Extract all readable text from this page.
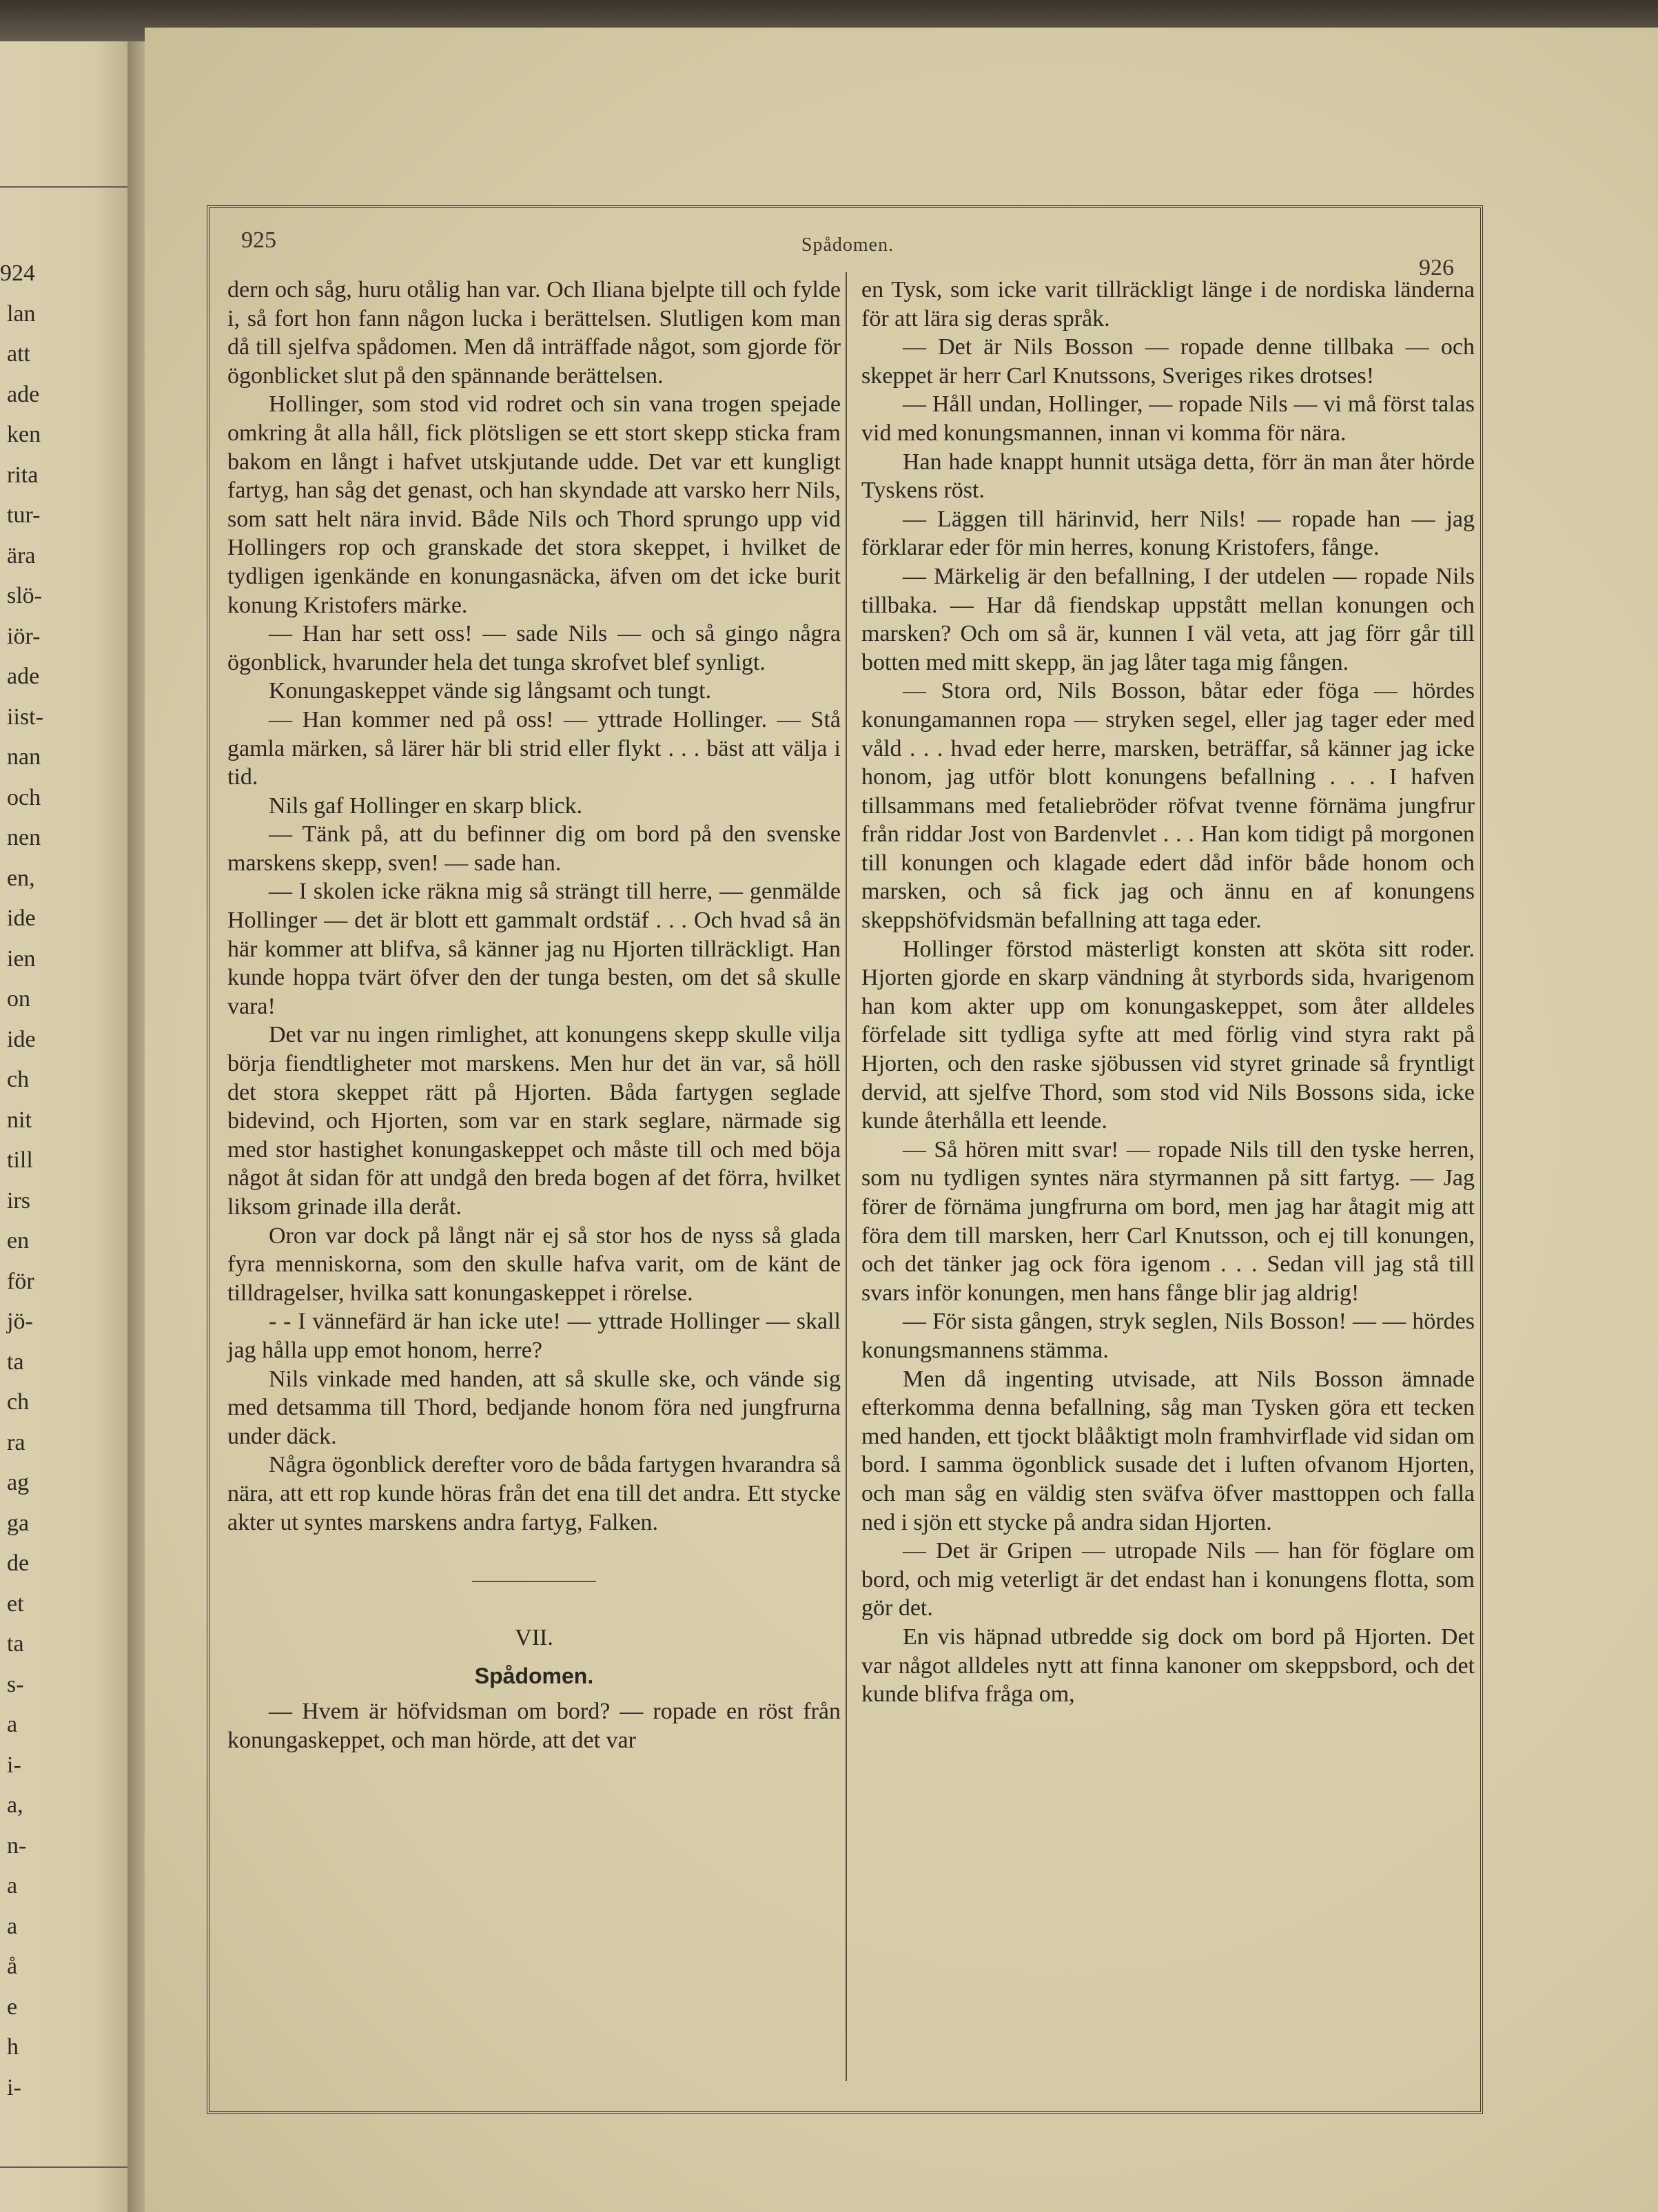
924
lan
att
ade
ken
rita
tur-
ära
slö-
iör-
ade
iist-
nan
och
nen
en,
ide
ien
on
ide
ch
nit
till
irs
en
för
jö-
ta
ch
ra
ag
ga
de
et
ta
s-
a
i-
a,
n-
a
a
å
e
h
i-
925	Spådomen.
926

dern och såg, huru otålig han var. Och Iliana bjelpte till och fylde i, så fort hon fann någon lucka i berättelsen. Slutligen kom man då till sjelfva spådomen. Men då inträffade något, som gjorde för ögonblicket slut på den spännande berättelsen.

Hollinger, som stod vid rodret och sin vana trogen spejade omkring åt alla håll, fick plötsligen se ett stort skepp sticka fram bakom en långt i hafvet utskjutande udde. Det var ett kungligt fartyg, han såg det genast, och han skyndade att varsko herr Nils, som satt helt nära invid. Både Nils och Thord sprungo upp vid Hollingers rop och granskade det stora skeppet, i hvilket de tydligen igenkände en konungasnäcka, äfven om det icke burit konung Kristofers märke.

— Han har sett oss! — sade Nils — och så gingo några ögonblick, hvarunder hela det tunga skrofvet blef synligt.

Konungaskeppet vände sig långsamt och tungt.

— Han kommer ned på oss! — yttrade Hollinger. — Stå gamla märken, så lärer här bli strid eller flykt . . . bäst att välja i tid.

Nils gaf Hollinger en skarp blick.

— Tänk på, att du befinner dig om bord på den svenske marskens skepp, sven! — sade han.

— I skolen icke räkna mig så strängt till herre, — genmälde Hollinger — det är blott ett gammalt ordstäf . . . Och hvad så än här kommer att blifva, så känner jag nu Hjorten tillräckligt. Han kunde hoppa tvärt öfver den der tunga besten, om det så skulle vara!

Det var nu ingen rimlighet, att konungens skepp skulle vilja börja fiendtligheter mot marskens. Men hur det än var, så höll det stora skeppet rätt på Hjorten. Båda fartygen seglade bidevind, och Hjorten, som var en stark seglare, närmade sig med stor hastighet konungaskeppet och måste till och med böja något åt sidan för att undgå den breda bogen af det förra, hvilket liksom grinade illa deråt.

Oron var dock på långt när ej så stor hos de nyss så glada fyra menniskorna, som den skulle hafva varit, om de känt de tilldragelser, hvilka satt konungaskeppet i rörelse.

- - I vännefärd är han icke ute! — yttrade Hollinger — skall jag hålla upp emot honom, herre?

Nils vinkade med handen, att så skulle ske, och vände sig med detsamma till Thord, bedjande honom föra ned jungfrurna under däck.

Några ögonblick derefter voro de båda fartygen hvarandra så nära, att ett rop kunde höras från det ena till det andra. Ett stycke akter ut syntes marskens andra fartyg, Falken.

VII.

Spådomen.

— Hvem är höfvidsman om bord? — ropade en röst från konungaskeppet, och man hörde, att det var

en Tysk, som icke varit tillräckligt länge i de nordiska länderna för att lära sig deras språk.

— Det är Nils Bosson — ropade denne tillbaka — och skeppet är herr Carl Knutssons, Sveriges rikes drotses!

— Håll undan, Hollinger, — ropade Nils — vi må först talas vid med konungsmannen, innan vi komma för nära.

Han hade knappt hunnit utsäga detta, förr än man åter hörde Tyskens röst.

— Läggen till härinvid, herr Nils! — ropade han — jag förklarar eder för min herres, konung Kristofers, fånge.

— Märkelig är den befallning, I der utdelen — ropade Nils tillbaka. — Har då fiendskap uppstått mellan konungen och marsken? Och om så är, kunnen I väl veta, att jag förr går till botten med mitt skepp, än jag låter taga mig fången.

— Stora ord, Nils Bosson, båtar eder föga — hördes konungamannen ropa — stryken segel, eller jag tager eder med våld . . . hvad eder herre, marsken, beträffar, så känner jag icke honom, jag utför blott konungens befallning . . . I hafven tillsammans med fetaliebröder röfvat tvenne förnäma jungfrur från riddar Jost von Bardenvlet . . . Han kom tidigt på morgonen till konungen och klagade edert dåd inför både honom och marsken, och så fick jag och ännu en af konungens skeppshöfvidsmän befallning att taga eder.

Hollinger förstod mästerligt konsten att sköta sitt roder. Hjorten gjorde en skarp vändning åt styrbords sida, hvarigenom han kom akter upp om konungaskeppet, som åter alldeles förfelade sitt tydliga syfte att med förlig vind styra rakt på Hjorten, och den raske sjöbussen vid styret grinade så fryntligt dervid, att sjelfve Thord, som stod vid Nils Bossons sida, icke kunde återhålla ett leende.

— Så hören mitt svar! — ropade Nils till den tyske herren, som nu tydligen syntes nära styrmannen på sitt fartyg. — Jag förer de förnäma jungfrurna om bord, men jag har åtagit mig att föra dem till marsken, herr Carl Knutsson, och ej till konungen, och det tänker jag ock föra igenom . . . Sedan vill jag stå till svars inför konungen, men hans fånge blir jag aldrig!

— För sista gången, stryk seglen, Nils Bosson! — — hördes konungsmannens stämma.

Men då ingenting utvisade, att Nils Bosson ämnade efterkomma denna befallning, såg man Tysken göra ett tecken med handen, ett tjockt blååktigt moln framhvirflade vid sidan om bord. I samma ögonblick susade det i luften ofvanom Hjorten, och man såg en väldig sten sväfva öfver masttoppen och falla ned i sjön ett stycke på andra sidan Hjorten.

— Det är Gripen — utropade Nils — han för föglare om bord, och mig veterligt är det endast han i konungens flotta, som gör det.

En vis häpnad utbredde sig dock om bord på Hjorten. Det var något alldeles nytt att finna kanoner om skeppsbord, och det kunde blifva fråga om,
